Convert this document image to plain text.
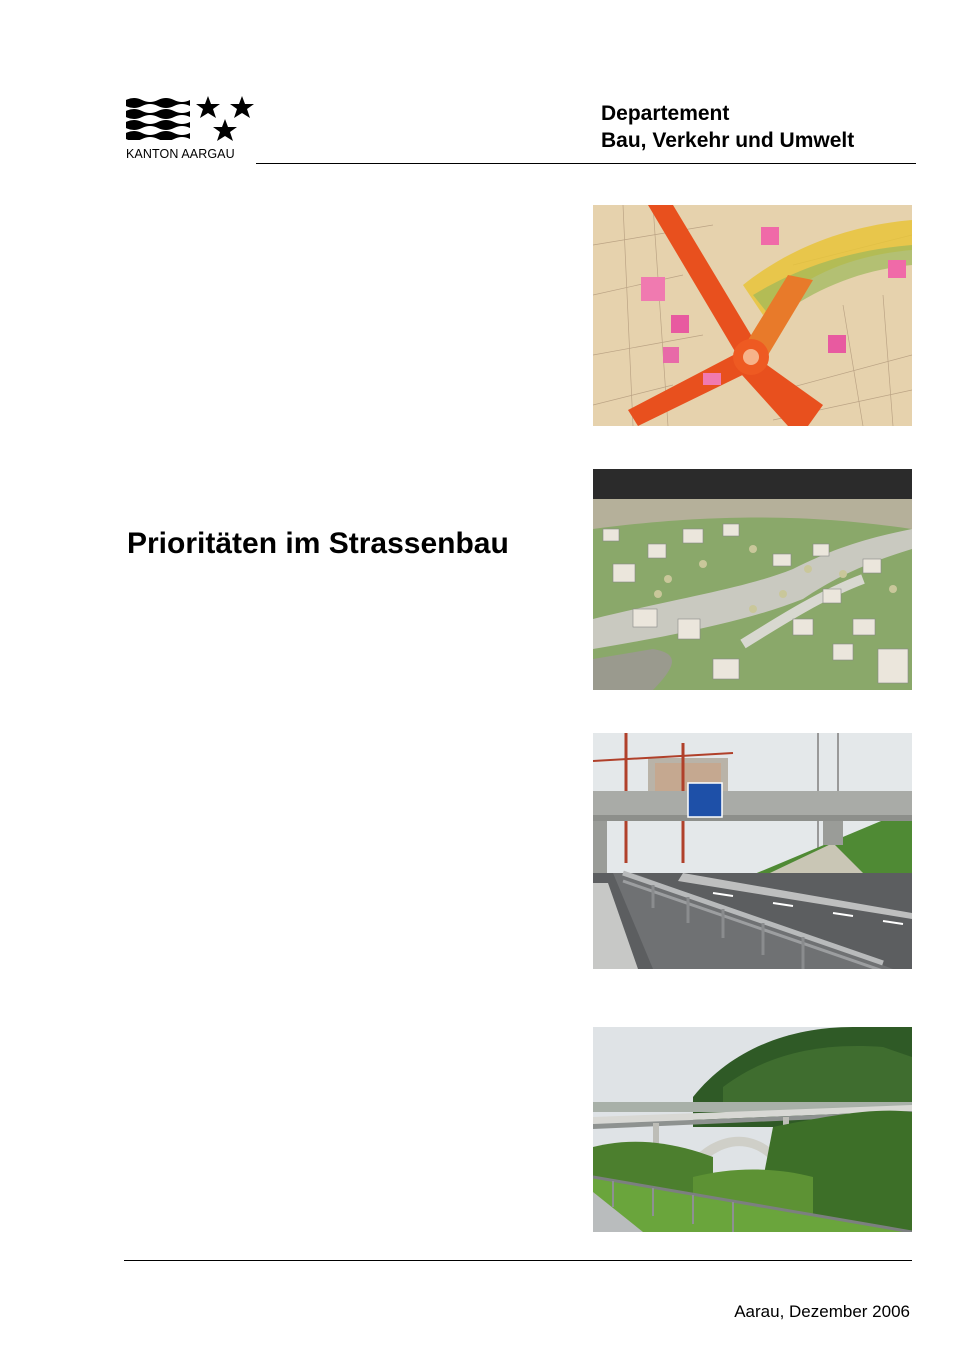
KANTON AARGAU
Departement
Bau, Verkehr und Umwelt
Prioritäten im Strassenbau
Aarau, Dezember 2006
